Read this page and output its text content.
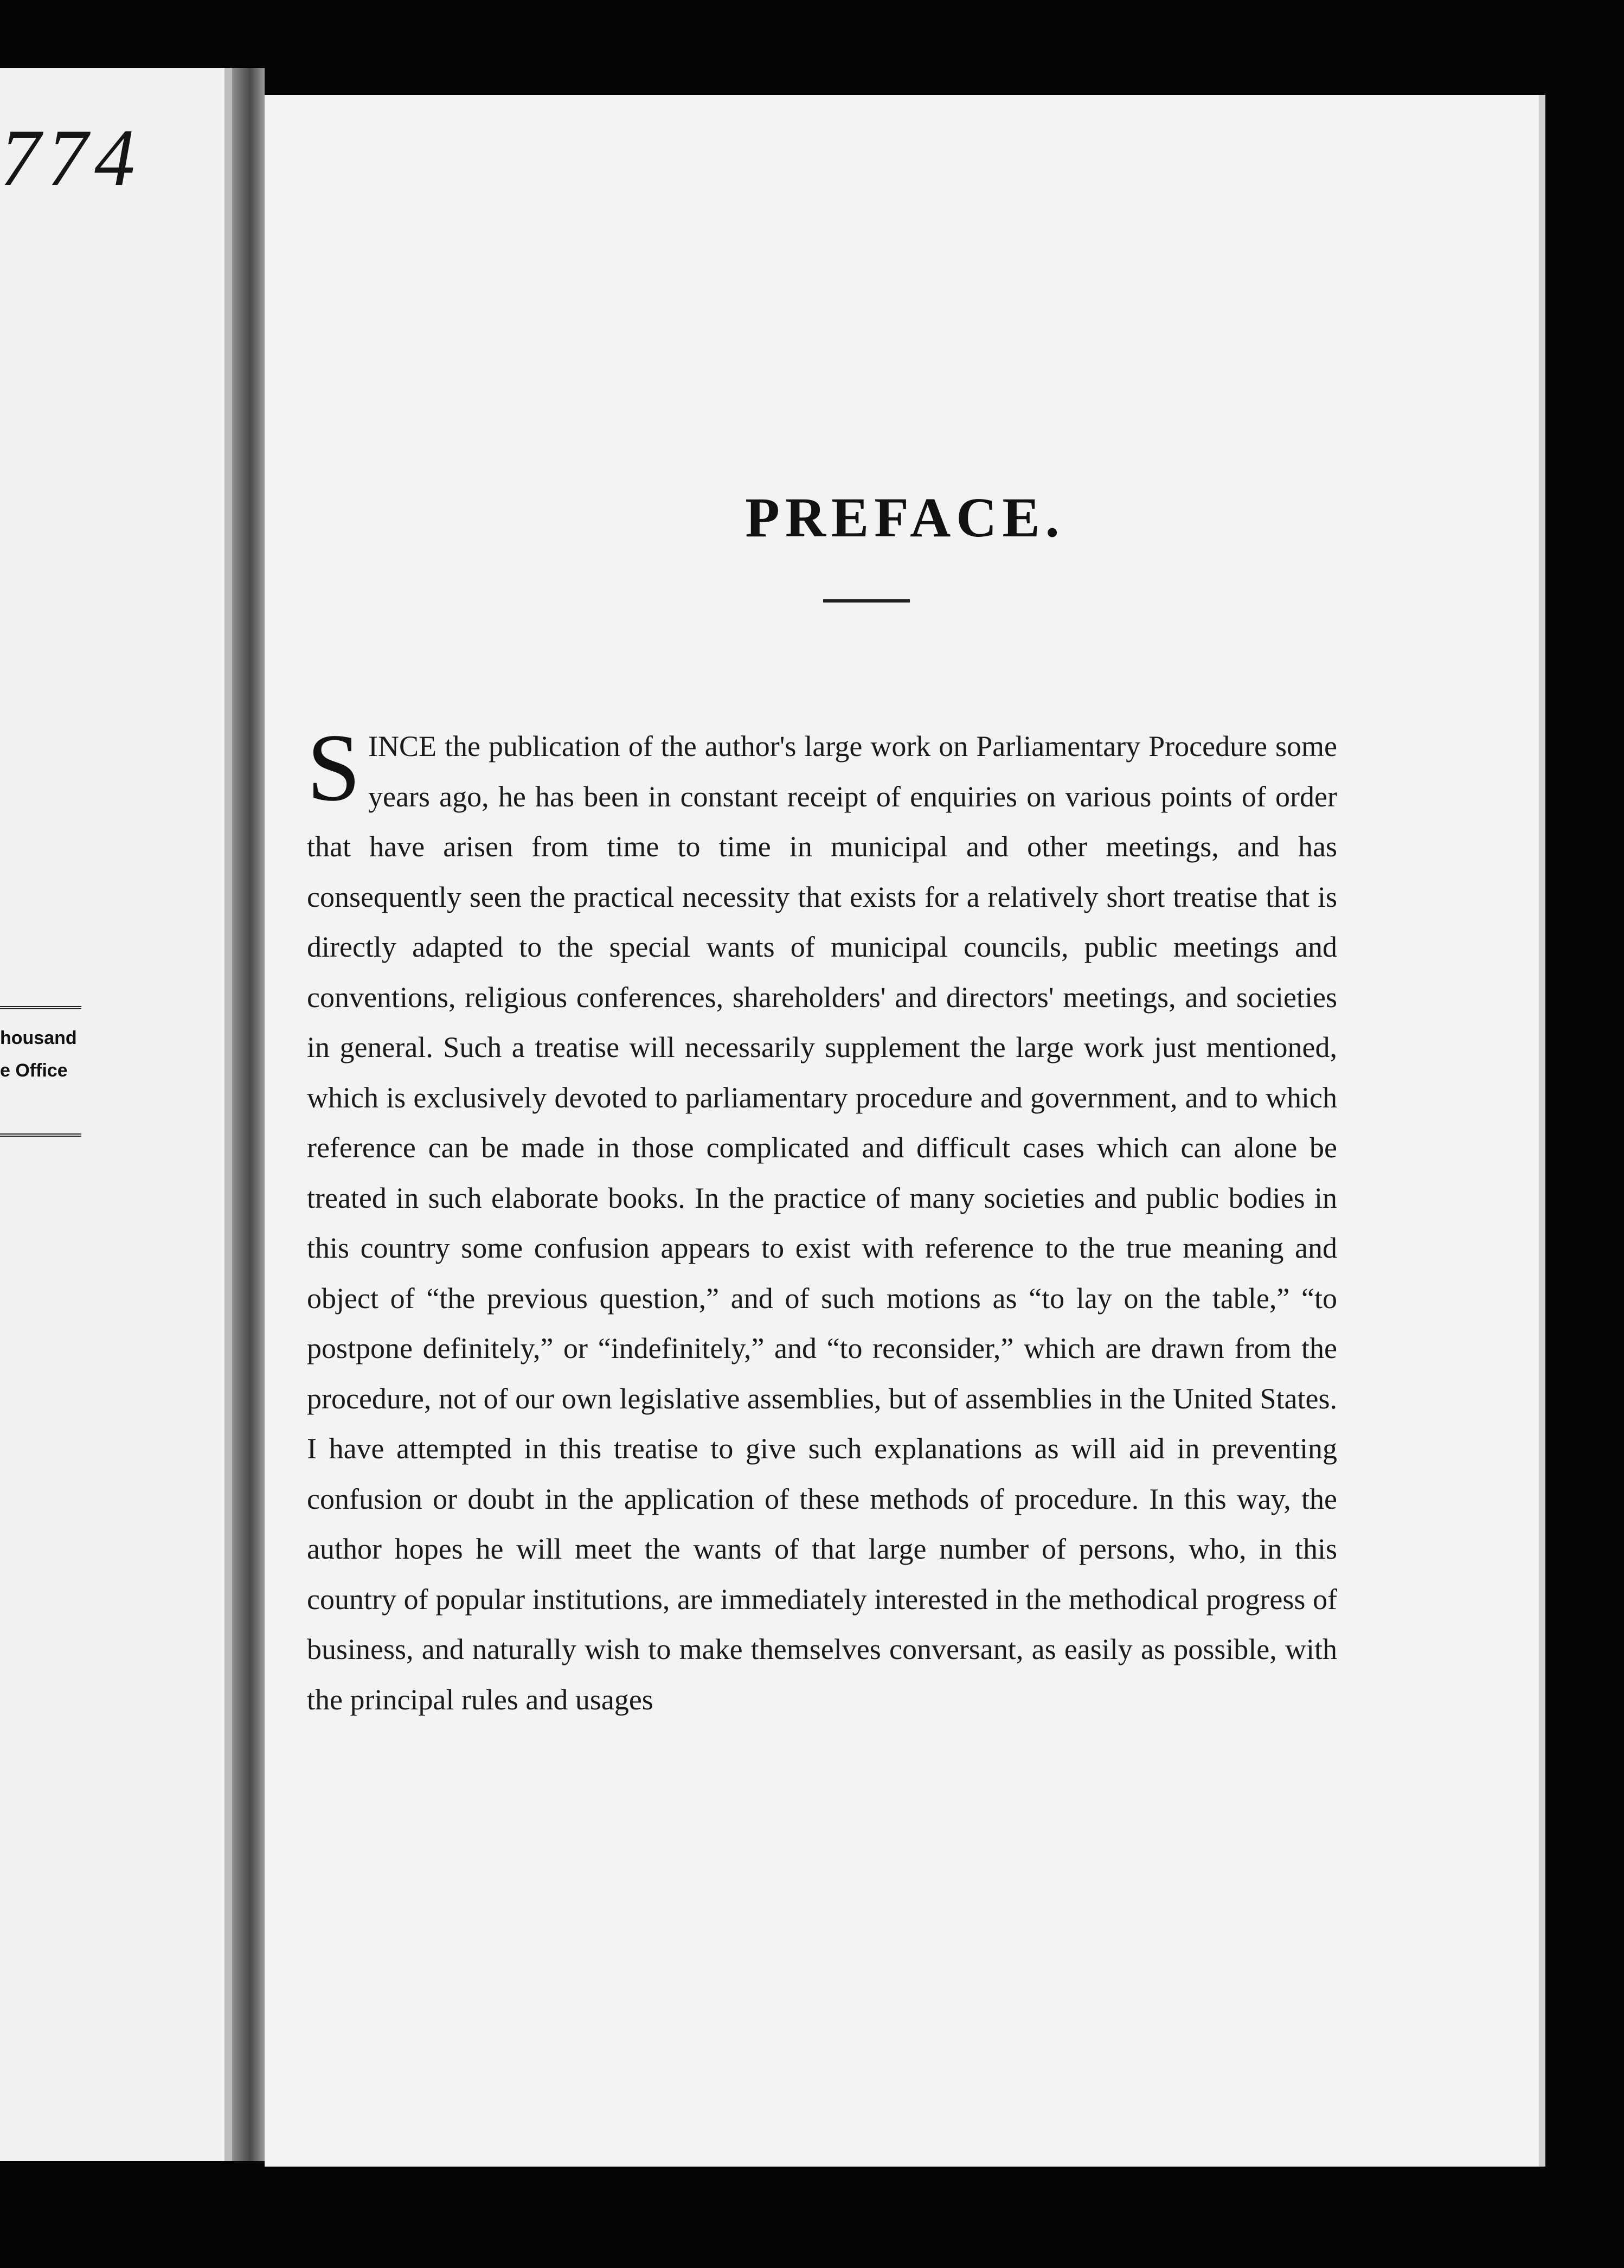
774

housand

e Office

PREFACE.

SINCE the publication of the author's large work on Parliamentary Procedure some years ago, he has been in constant receipt of enquiries on various points of order that have arisen from time to time in municipal and other meetings, and has consequently seen the practical necessity that exists for a relatively short treatise that is directly adapted to the special wants of municipal councils, public meetings and conventions, religious conferences, shareholders' and directors' meetings, and societies in general. Such a treatise will necessarily supplement the large work just mentioned, which is exclusively devoted to parliamentary procedure and government, and to which reference can be made in those complicated and difficult cases which can alone be treated in such elaborate books. In the practice of many societies and public bodies in this country some confusion appears to exist with reference to the true meaning and object of “the previous question,” and of such motions as “to lay on the table,” “to postpone definitely,” or “indefinitely,” and “to reconsider,” which are drawn from the procedure, not of our own legislative assemblies, but of assemblies in the United States. I have attempted in this treatise to give such explanations as will aid in preventing confusion or doubt in the application of these methods of procedure. In this way, the author hopes he will meet the wants of that large number of persons, who, in this country of popular institutions, are immediately interested in the methodical progress of business, and naturally wish to make themselves conversant, as easily as possible, with the principal rules and usages
